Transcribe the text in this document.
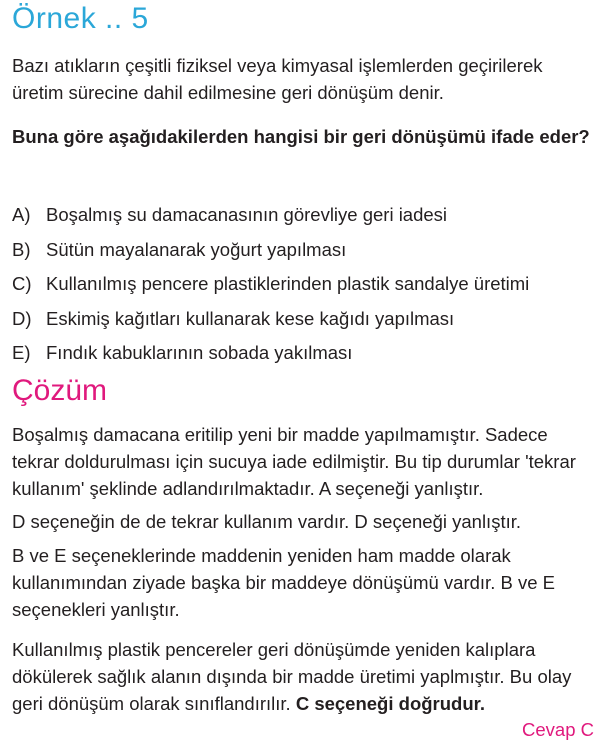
Örnek .. 5

Bazı atıkların çeşitli fiziksel veya kimyasal işlemlerden geçirilerek üretim sürecine dahil edilmesine geri dönüşüm denir.

Buna göre aşağıdakilerden hangisi bir geri dönüşümü ifade eder?

A) Boşalmış su damacanasının görevliye geri iadesi
B) Sütün mayalanarak yoğurt yapılması
C) Kullanılmış pencere plastiklerinden plastik sandalye üretimi
D) Eskimiş kağıtları kullanarak kese kağıdı yapılması
E) Fındık kabuklarının sobada yakılması
Çözüm

Boşalmış damacana eritilip yeni bir madde yapılmamıştır. Sadece tekrar doldurulması için sucuya iade edilmiştir. Bu tip durumlar 'tekrar kullanım' şeklinde adlandırılmaktadır. A seçeneği yanlıştır.

D seçeneğin de de tekrar kullanım vardır. D seçeneği yanlıştır.

B ve E seçeneklerinde maddenin yeniden ham madde olarak kullanımından ziyade başka bir maddeye dönüşümü vardır. B ve E seçenekleri yanlıştır.

Kullanılmış plastik pencereler geri dönüşümde yeniden kalıplara dökülerek sağlık alanın dışında bir madde üretimi yaplmıştır. Bu olay geri dönüşüm olarak sınıflandırılır. C seçeneği doğrudur.

Cevap C
